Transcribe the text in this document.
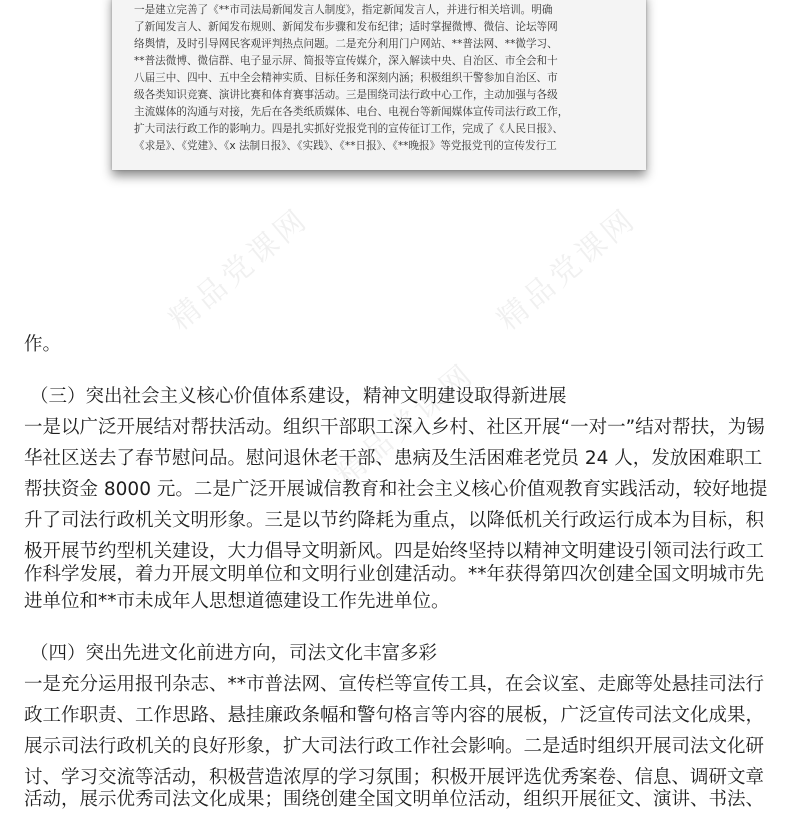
一是建立完善了《**市司法局新闻发言人制度》，指定新闻发言人，并进行相关培训。明确
了新闻发言人、新闻发布规则、新闻发布步骤和发布纪律；适时掌握微博、微信、论坛等网
络舆情，及时引导网民客观评判热点问题。二是充分利用门户网站、**普法网、**微学习、
**普法微博、微信群、电子显示屏、简报等宣传媒介，深入解读中央、自治区、市全会和十
八届三中、四中、五中全会精神实质、目标任务和深刻内涵；积极组织干警参加自治区、市
级各类知识竞赛、演讲比赛和体育赛事活动。三是围绕司法行政中心工作，主动加强与各级
主流媒体的沟通与对接，先后在各类纸质媒体、电台、电视台等新闻媒体宣传司法行政工作，
扩大司法行政工作的影响力。四是扎实抓好党报党刊的宣传征订工作，完成了《人民日报》、
《求是》、《党建》、《x 法制日报》、《实践》、《**日报》、《**晚报》等党报党刊的宣传发行工
精品党课网	精品党课网
精品党课网
作。
（三）突出社会主义核心价值体系建设，精神文明建设取得新进展
一是以广泛开展结对帮扶活动。组织干部职工深入乡村、社区开展“一对一”结对帮扶，为锡
华社区送去了春节慰问品。慰问退休老干部、患病及生活困难老党员 24 人，发放困难职工
帮扶资金 8000 元。二是广泛开展诚信教育和社会主义核心价值观教育实践活动，较好地提
升了司法行政机关文明形象。三是以节约降耗为重点，以降低机关行政运行成本为目标，积
极开展节约型机关建设，大力倡导文明新风。四是始终坚持以精神文明建设引领司法行政工
作科学发展，着力开展文明单位和文明行业创建活动。**年获得第四次创建全国文明城市先
进单位和**市未成年人思想道德建设工作先进单位。
（四）突出先进文化前进方向，司法文化丰富多彩
一是充分运用报刊杂志、**市普法网、宣传栏等宣传工具，在会议室、走廊等处悬挂司法行
政工作职责、工作思路、悬挂廉政条幅和警句格言等内容的展板，广泛宣传司法文化成果，
展示司法行政机关的良好形象，扩大司法行政工作社会影响。二是适时组织开展司法文化研
讨、学习交流等活动，积极营造浓厚的学习氛围；积极开展评选优秀案卷、信息、调研文章
活动，展示优秀司法文化成果；围绕创建全国文明单位活动，组织开展征文、演讲、书法、
